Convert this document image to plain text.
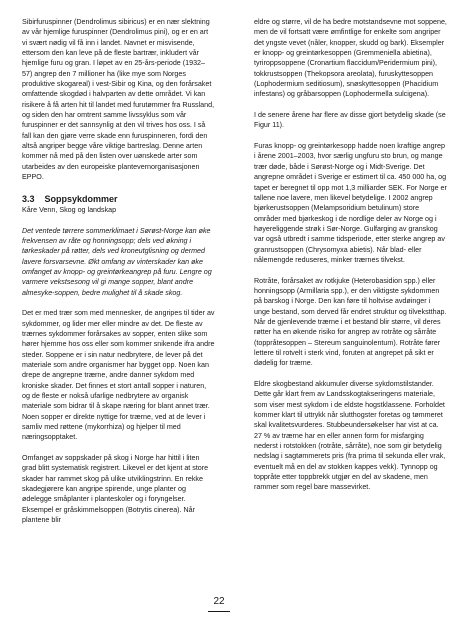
Sibirfuruspinner (Dendrolimus sibiricus) er en nær slektning av vår hjemlige furuspinner (Dendrolimus pini), og er en art vi svært nødig vil få inn i landet. Navnet er misvisende, ettersom den kan leve på de fleste bartrær, inkludert vår hjemlige furu og gran. I løpet av en 25-års-periode (1932–57) angrep den 7 millioner ha (like mye som Norges produktive skogareal) i vest-Sibir og Kina, og den forårsaket omfattende skogdød i halvparten av dette området. Vi kan risikere å få arten hit til landet med furutømmer fra Russland, og siden den har omtrent samme livssyklus som vår furuspinner er det sannsynlig at den vil trives hos oss. I så fall kan den gjøre verre skade enn furuspinneren, fordi den altså angriper begge våre viktige bartreslag. Denne arten kommer nå med på den listen over uønskede arter som utarbeides av den europeiske plantevernorganisasjonen EPPO.

3.3 Soppsykdommer

Kåre Venn, Skog og landskap

Det ventede tørrere sommerklimaet i Sørøst-Norge kan øke frekvensen av råte og honningsopp; dels ved økning i tørkeskader på røtter, dels ved kroneutglisning og dermed lavere forsvarsevne. Økt omfang av vinterskader kan øke omfanget av knopp- og greintørkeangrep på furu. Lengre og varmere vekstsesong vil gi mange sopper, blant andre almesyke-soppen, bedre mulighet til å skade skog.

Det er med trær som med mennesker, de angripes til tider av sykdommer, og lider mer eller mindre av det. De fleste av trærnes sykdommer forårsakes av sopper, enten slike som hører hjemme hos oss eller som kommer snikende ifra andre steder. Soppene er i sin natur nedbrytere, de lever på det materiale som andre organismer har bygget opp. Noen kan drepe de angrepne trærne, andre danner sykdom med kroniske skader. Det finnes et stort antall sopper i naturen, og de fleste er nokså ufarlige nedbrytere av organisk materiale som bidrar til å skape næring for blant annet trær. Noen sopper er direkte nyttige for trærne, ved at de lever i samliv med røttene (mykorrhiza) og hjelper til med næringsopptaket.

Omfanget av soppskader på skog i Norge har hittil i liten grad blitt systematisk registrert. Likevel er det kjent at store skader har rammet skog på ulike utviklingstrinn. En rekke skadegjørere kan angripe spirende, unge planter og ødelegge småplanter i planteskoler og i foryngelser. Eksempel er gråskimmelsoppen (Botrytis cinerea). Når plantene blir

eldre og større, vil de ha bedre motstandsevne mot soppene, men de vil fortsatt være ømfintlige for enkelte som angriper det yngste vevet (nåler, knopper, skudd og bark). Eksempler er knopp- og greintørkesoppen (Gremmeniella abietina), tyriroppsoppene (Cronartium flaccidum/Peridermium pini), tokkrustsoppen (Thekopsora areolata), furuskyttesoppen (Lophodermium seditiosum), snøskyttesoppen (Phacidium infestans) og gråbarsoppen (Lophodermella sulcigena).

I de senere årene har flere av disse gjort betydelig skade (se Figur 11).

Furas knopp- og greintørkesopp hadde noen kraftige angrep i årene 2001–2003, hvor særlig ungfuru sto brun, og mange trær døde, både i Sørøst-Norge og i Midt-Sverige. Det angrepne området i Sverige er estimert til ca. 450 000 ha, og tapet er beregnet til opp mot 1,3 milliarder SEK. For Norge er tallene noe lavere, men likevel betydelige. I 2002 angrep bjørkerustsoppen (Melampsoridium betulinum) store områder med bjørkeskog i de nordlige deler av Norge og i høyereliggende strøk i Sør-Norge. Gulfarging av granskog var også utbredt i samme tidsperiode, etter sterke angrep av granrustsoppen (Chrysomyxa abietis). Når blad- eller nålemengde reduseres, minker trærnes tilvekst.

Rotråte, forårsaket av rotkjuke (Heterobasidion spp.) eller honningsopp (Armillaria spp.), er den viktigste sykdommen på barskog i Norge. Den kan føre til holtvise avdøinger i unge bestand, som derved får endret struktur og tilvekstthap. Når de gjenlevende trærne i et bestand blir større, vil deres røtter ha en økende risiko for angrep av rotråte og sårråte (toppråtesoppen – Stereum sanguinolentum). Rotråte fører lettere til rotvelt i sterk vind, foruten at angrepet på sikt er dødelig for trærne.

Eldre skogbestand akkumuler diverse sykdomstilstander. Dette går klart frem av Landsskogtakseringens materiale, som viser mest sykdom i de eldste hogstklassene. Forholdet kommer klart til uttrykk når slutthogster foretas og tømmeret skal kvalitetsvurderes. Stubbeundersøkelser har vist at ca. 27 % av trærne har en eller annen form for misfarging nederst i rotstokken (rotråte, sårråte), noe som gir betydelig nedslag i sagtømmerets pris (fra prima til sekunda eller vrak, eventuelt må en del av stokken kappes vekk). Tynnopp og toppråte etter toppbrekk utgjør en del av skadene, men rammer som regel bare massevirket.

22
